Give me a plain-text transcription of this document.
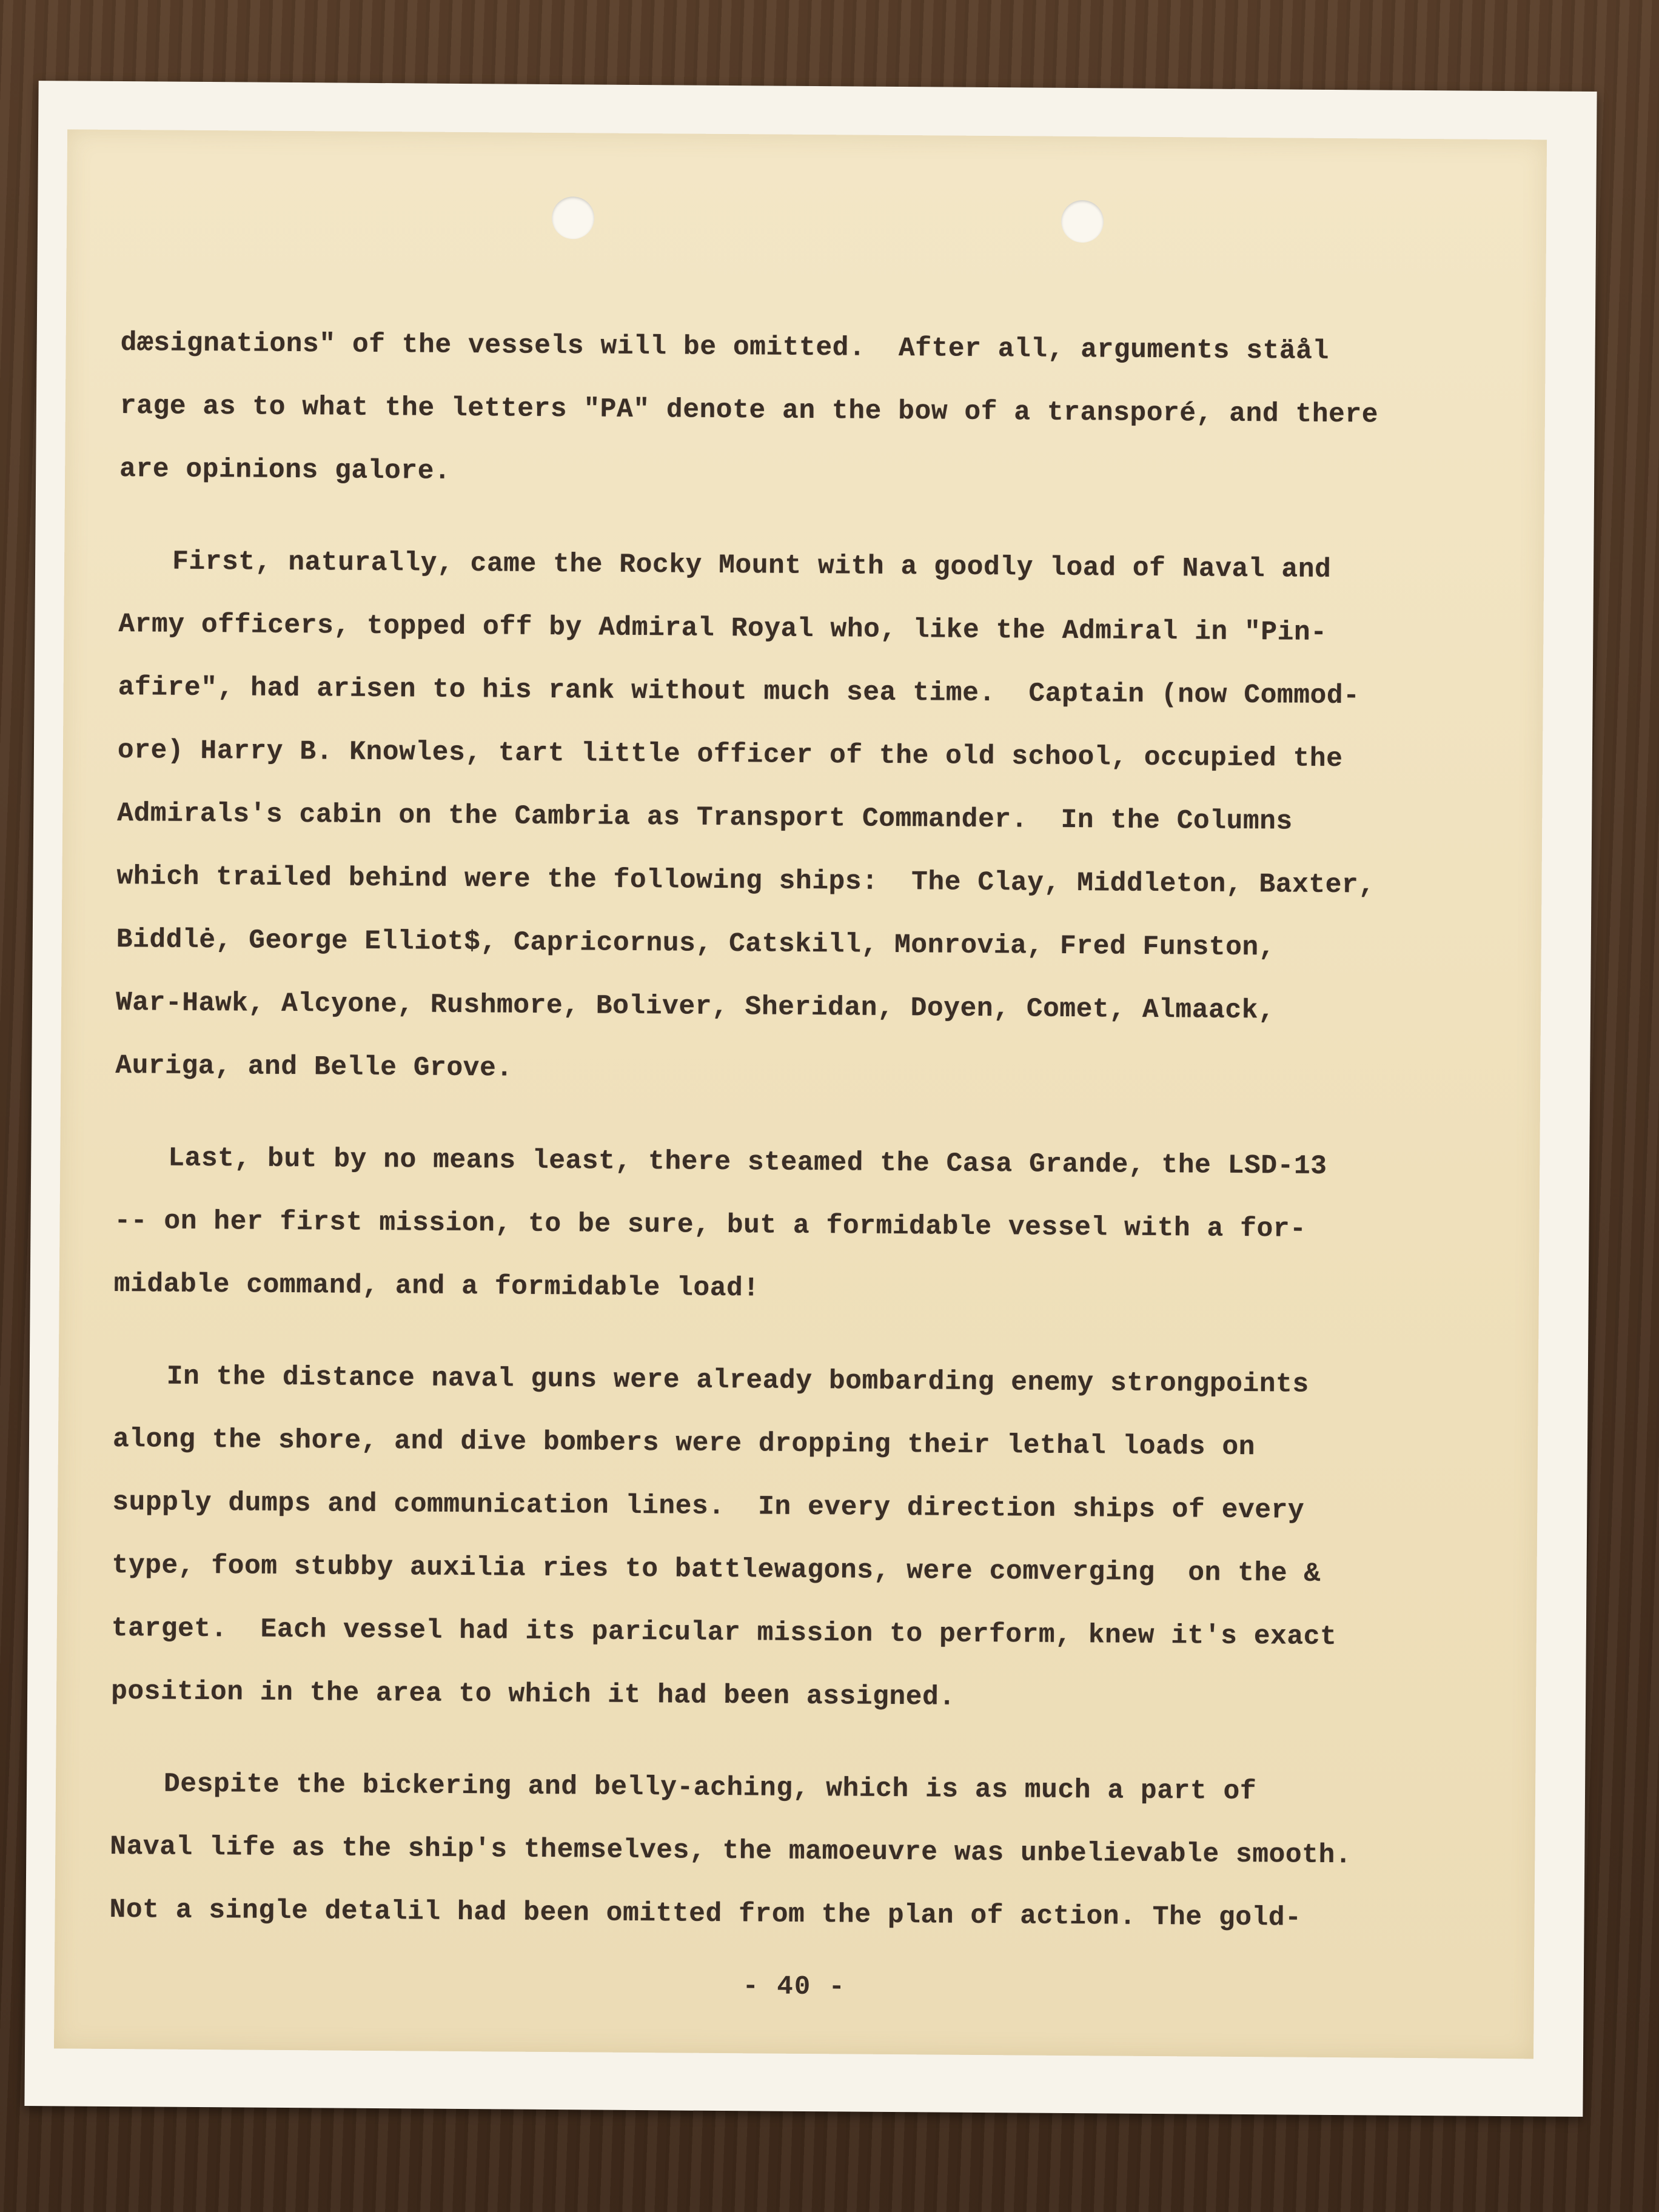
dæsignations" of the vessels will be omitted.  After all, arguments stäål
rage as to what the letters "PA" denote an the bow of a transporé, and there
are opinions galore.
First, naturally, came the Rocky Mount with a goodly load of Naval and
Army officers, topped off by Admiral Royal who, like the Admiral in "Pin-
afire", had arisen to his rank without much sea time.  Captain (now Commod-
ore) Harry B. Knowles, tart little officer of the old school, occupied the
Admirals's cabin on the Cambria as Transport Commander.  In the Columns
which trailed behind were the following ships:  The Clay, Middleton, Baxter,
Biddlė, George Elliot$, Capricornus, Catskill, Monrovia, Fred Funston,
War-Hawk, Alcyone, Rushmore, Boliver, Sheridan, Doyen, Comet, Almaack,
Auriga, and Belle Grove.
Last, but by no means least, there steamed the Casa Grande, the LSD-13
-- on her first mission, to be sure, but a formidable vessel with a for-
midable command, and a formidable load!
In the distance naval guns were already bombarding enemy strongpoints
along the shore, and dive bombers were dropping their lethal loads on
supply dumps and communication lines.  In every direction ships of every
type, foom stubby auxilia ries to battlewagons, were comverging  on the &
target.  Each vessel had its paricular mission to perform, knew it's exact
position in the area to which it had been assigned.
Despite the bickering and belly-aching, which is as much a part of
Naval life as the ship's themselves, the mamoeuvre was unbelievable smooth.
Not a single detalil had been omitted from the plan of action. The gold-
- 40 -
